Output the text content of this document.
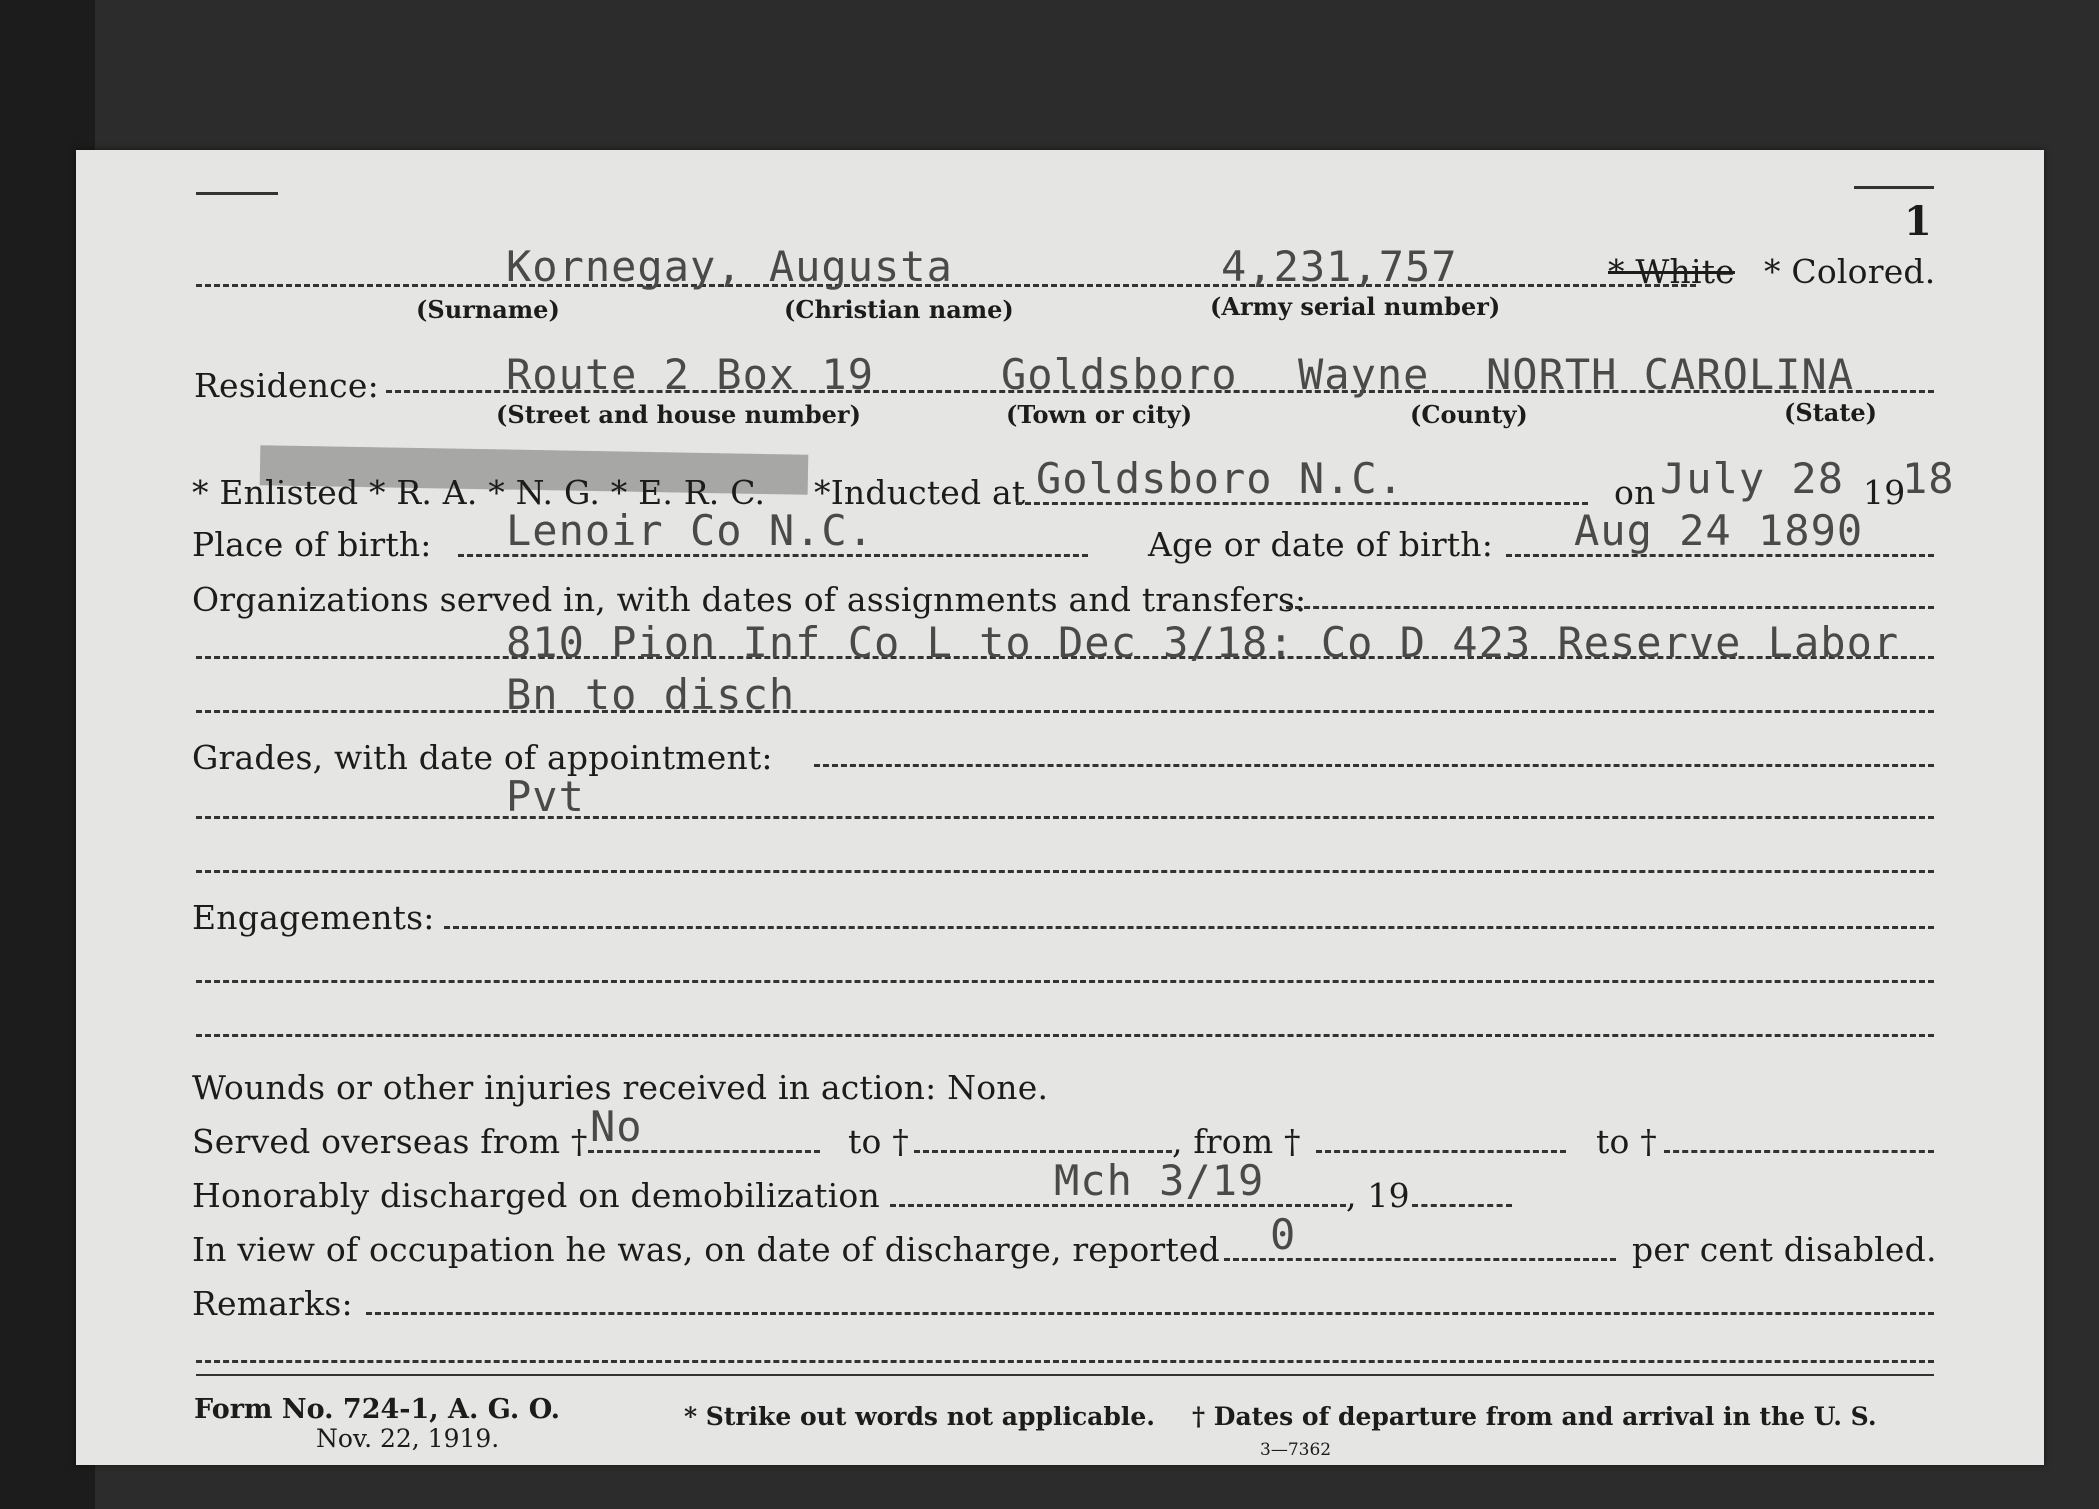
1
Kornegay, Augusta	4,231,757	* White * Colored.
(Surname)	(Christian name)	(Army serial number)
Residence:	Route 2 Box 19	Goldsboro Wayne NORTH CAROLINA
(Street and house number)	(Town or city)	(County)	(State)
* Enlisted * R. A. * N. G. * E. R. C. *Inducted at Goldsboro N.C.	on July 28 19
18
Place of birth: Lenoir Co N.C.	Age or date of birth: Aug 24 1890
Organizations served in, with dates of assignments and transfers:
810 Pion Inf Co L to Dec 3/18: Co D 423 Reserve Labor
Bn to disch
Grades, with date of appointment:
Pvt
Engagements:
Wounds or other injuries received in action: None.
Served overseas from † No	to †	, from †	to †
Honorably discharged on demobilization	Mch 3/19 , 19
In view of occupation he was, on date of discharge, reported 0	per cent disabled.
Remarks:
Form No. 724-1, A. G. O.
Nov. 22, 1919.
* Strike out words not applicable. † Dates of departure from and arrival in the U. S.
3—7362
